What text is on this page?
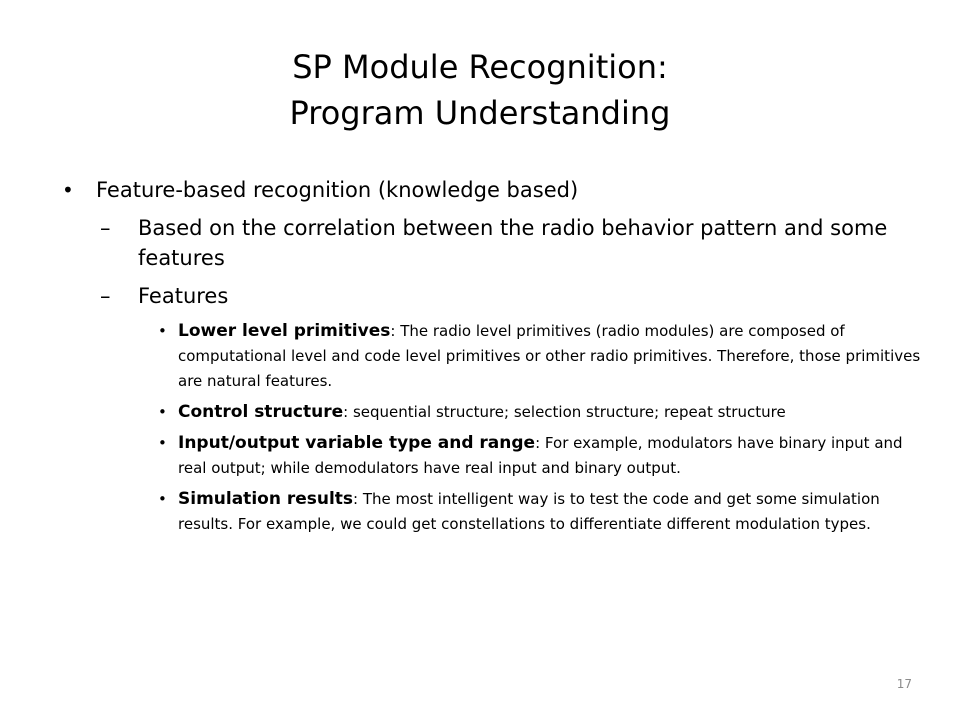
SP Module Recognition:
Program Understanding
• Feature-based recognition (knowledge based)
– Based on the correlation between the radio behavior pattern and some features
– Features
• Lower level primitives: The radio level primitives (radio modules) are composed of computational level and code level primitives or other radio primitives. Therefore, those primitives are natural features.
• Control structure: sequential structure; selection structure; repeat structure
• Input/output variable type and range: For example, modulators have binary input and real output; while demodulators have real input and binary output.
• Simulation results: The most intelligent way is to test the code and get some simulation results. For example, we could get constellations to differentiate different modulation types.
17
